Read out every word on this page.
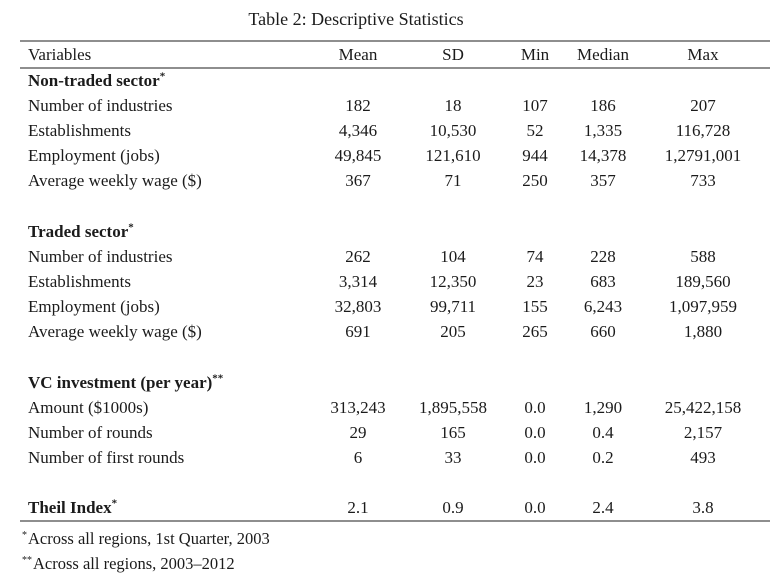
Table 2: Descriptive Statistics
Variables	Mean	SD	Min	Median	Max
Non-traded sector*
Number of industries	182	18	107	186	207
Establishments	4,346	10,530	52	1,335	116,728
Employment (jobs)	49,845	121,610	944	14,378	1,2791,001
Average weekly wage ($)	367	71	250	357	733

Traded sector*
Number of industries	262	104	74	228	588
Establishments	3,314	12,350	23	683	189,560
Employment (jobs)	32,803	99,711	155	6,243	1,097,959
Average weekly wage ($)	691	205	265	660	1,880

VC investment (per year)**
Amount ($1000s)	313,243	1,895,558	0.0	1,290	25,422,158
Number of rounds	29	165	0.0	0.4	2,157
Number of first rounds	6	33	0.0	0.2	493

Theil Index*	2.1	0.9	0.0	2.4	3.8
*Across all regions, 1st Quarter, 2003
**Across all regions, 2003–2012
